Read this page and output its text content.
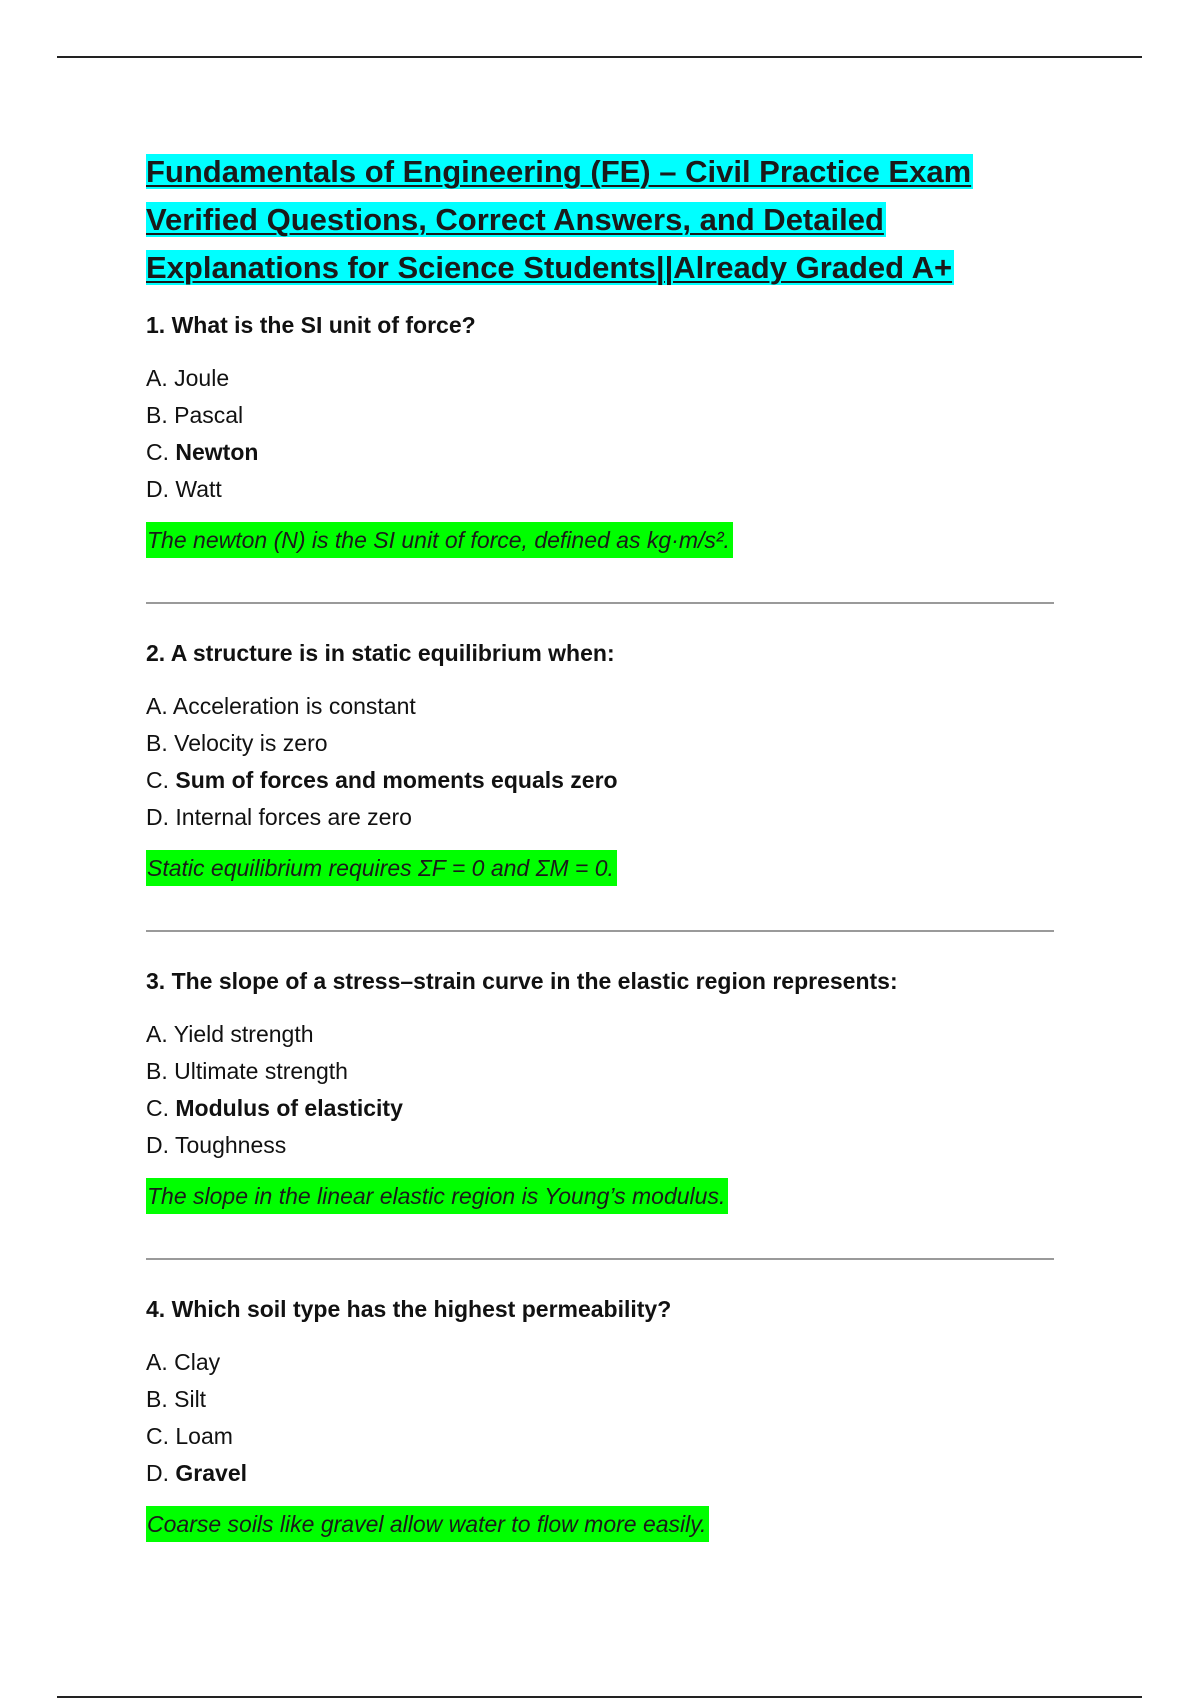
Fundamentals of Engineering (FE) – Civil Practice Exam
Verified Questions, Correct Answers, and Detailed
Explanations for Science Students||Already Graded A+

1. What is the SI unit of force?

A. Joule
B. Pascal
C. Newton
D. Watt

The newton (N) is the SI unit of force, defined as kg·m/s².

2. A structure is in static equilibrium when:

A. Acceleration is constant
B. Velocity is zero
C. Sum of forces and moments equals zero
D. Internal forces are zero

Static equilibrium requires ΣF = 0 and ΣM = 0.

3. The slope of a stress–strain curve in the elastic region represents:

A. Yield strength
B. Ultimate strength
C. Modulus of elasticity
D. Toughness

The slope in the linear elastic region is Young’s modulus.

4. Which soil type has the highest permeability?

A. Clay
B. Silt
C. Loam
D. Gravel

Coarse soils like gravel allow water to flow more easily.
